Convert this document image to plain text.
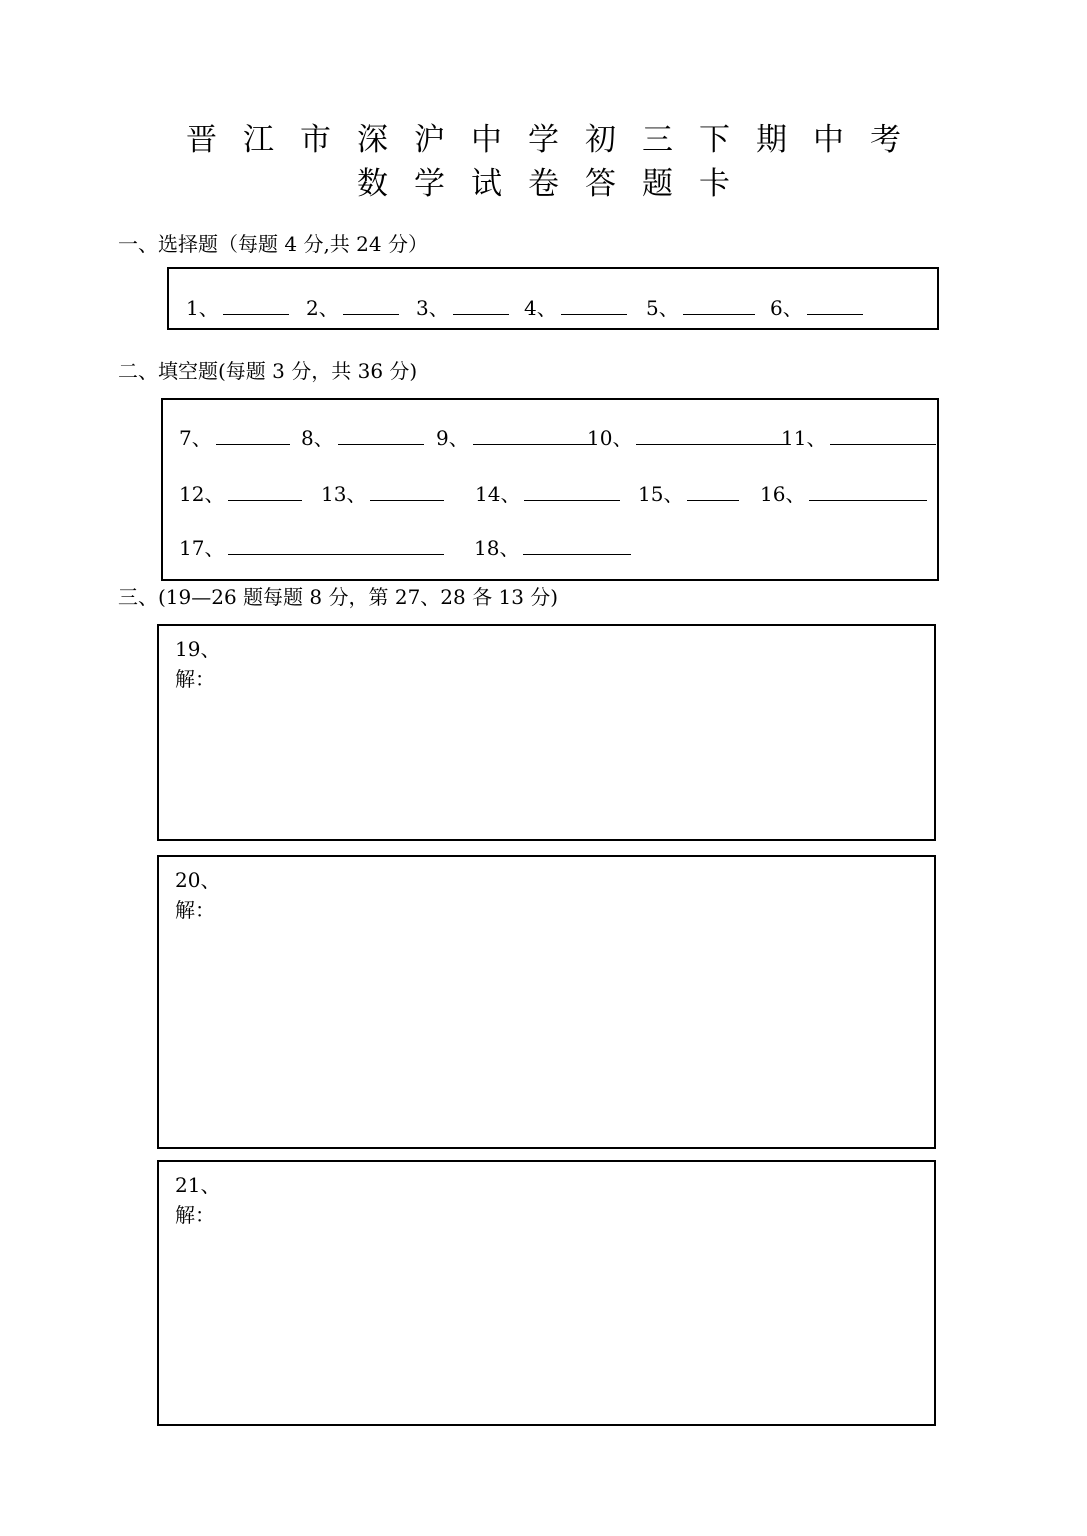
晋江市深沪中学初三下期中考
数学试卷答题卡

一、选择题（每题 4 分,共 24 分）

1、	2、	3、	4、	5、	6、

二、填空题(每题 3 分，共 36 分)

7、	8、	9、	10、	11、
12、	13、	14、	15、	16、
17、	18、

三、(19—26 题每题 8 分，第 27、28 各 13 分)

19、
解：
20、
解：
21、
解：
